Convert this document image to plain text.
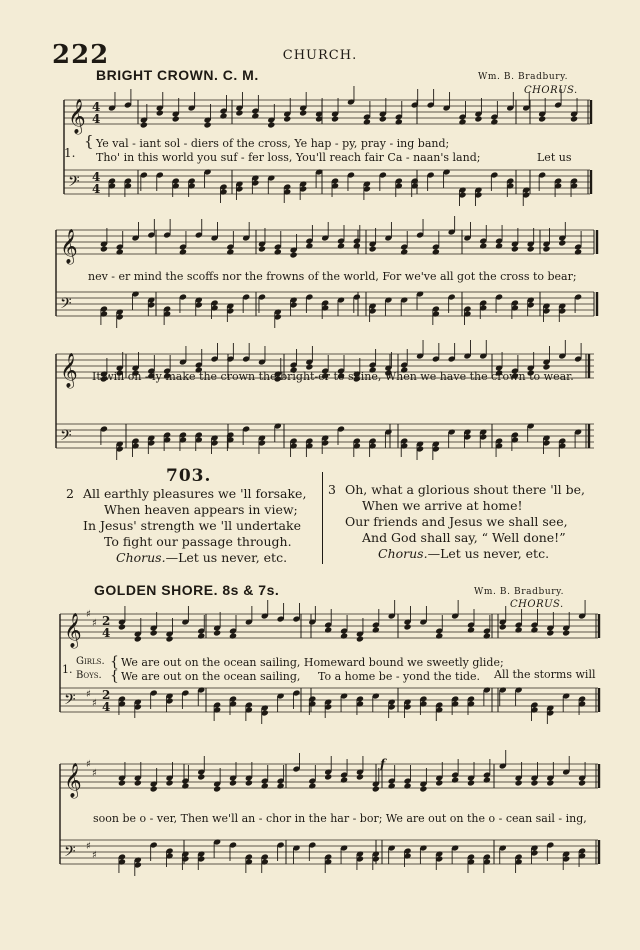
222	CHURCH.
BRIGHT CROWN. C. M.	Wm. B. Bradbury.
CHORUS.
𝄞 4
4
𝄢 4
4
1.
{ Ye val - iant sol - diers of the cross, Ye hap - py, pray - ing band;
Tho' in this world you suf - fer loss, You'll reach fair Ca - naan's land;	Let us
𝄞
𝄢
nev - er mind the scoffs nor the frowns of the world, For we've all got the cross to bear;
𝄞
𝄢
It will on - ly make the crown the bright-er to shine, When we have the crown to wear.
703.
2 All earthly pleasures we 'll forsake,
When heaven appears in view;
In Jesus' strength we 'll undertake
To fight our passage through.
Chorus.—Let us never, etc.
3 Oh, what a glorious shout there 'll be,
When we arrive at home!
Our friends and Jesus we shall see,
And God shall say, “ Well done!”
Chorus.—Let us never, etc.
GOLDEN SHORE. 8s & 7s.	Wm. B. Bradbury.
CHORUS.
𝄞 ♯
♯ 2
4
𝄢 ♯
♯
2
4
1.
Girls.
Boys.
{
{
We are out on the ocean sailing, Homeward bound we sweetly glide;
We are out on the ocean sailing, To a home be - yond the tide. All the storms will
𝄞 ♯
♯
𝄢 ♯
♯
f
soon be o - ver, Then we'll an - chor in the har - bor; We are out on the o - cean sail - ing,
